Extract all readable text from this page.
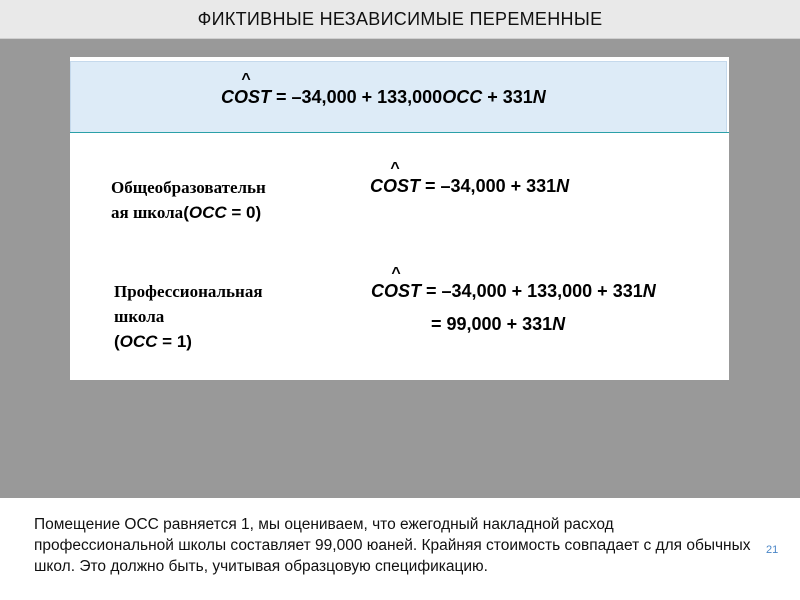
ФИКТИВНЫЕ НЕЗАВИСИМЫЕ ПЕРЕМЕННЫЕ
^
COST = –34,000 + 133,000OCC + 331N
Общеобразовательн
ая школа(OCC = 0)
^
COST = –34,000 + 331N
Профессиональная
школа
(OCC = 1)
^
COST = –34,000 + 133,000 + 331N
= 99,000 + 331N

Помещение ОСС равняется 1, мы оцениваем, что ежегодный накладной расход профессиональной школы составляет 99,000 юаней. Крайняя стоимость совпадает с для обычных школ. Это должно быть, учитывая образцовую спецификацию.

21
